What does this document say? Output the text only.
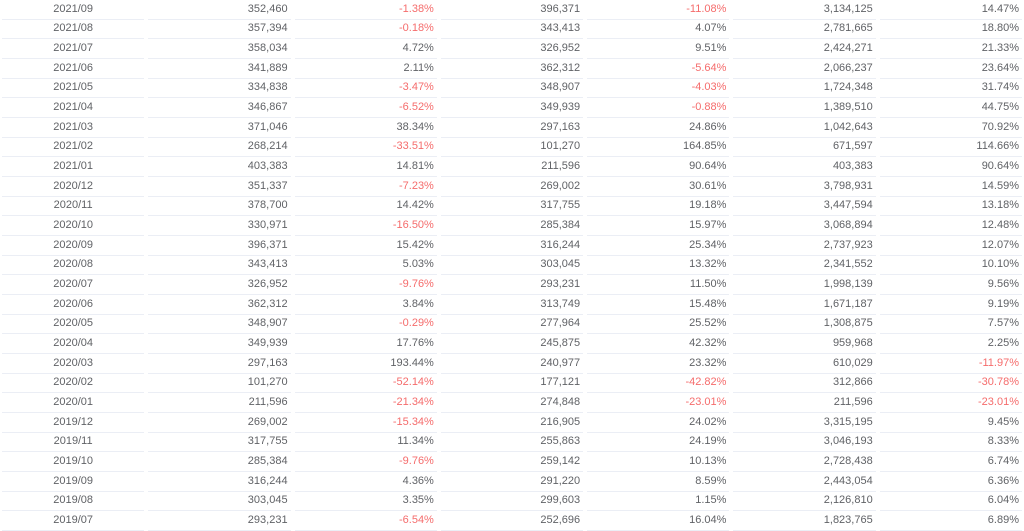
2021/09	352,460	-1.38%	396,371	-11.08%	3,134,125	14.47%
2021/08	357,394	-0.18%	343,413	4.07%	2,781,665	18.80%
2021/07	358,034	4.72%	326,952	9.51%	2,424,271	21.33%
2021/06	341,889	2.11%	362,312	-5.64%	2,066,237	23.64%
2021/05	334,838	-3.47%	348,907	-4.03%	1,724,348	31.74%
2021/04	346,867	-6.52%	349,939	-0.88%	1,389,510	44.75%
2021/03	371,046	38.34%	297,163	24.86%	1,042,643	70.92%
2021/02	268,214	-33.51%	101,270	164.85%	671,597	114.66%
2021/01	403,383	14.81%	211,596	90.64%	403,383	90.64%
2020/12	351,337	-7.23%	269,002	30.61%	3,798,931	14.59%
2020/11	378,700	14.42%	317,755	19.18%	3,447,594	13.18%
2020/10	330,971	-16.50%	285,384	15.97%	3,068,894	12.48%
2020/09	396,371	15.42%	316,244	25.34%	2,737,923	12.07%
2020/08	343,413	5.03%	303,045	13.32%	2,341,552	10.10%
2020/07	326,952	-9.76%	293,231	11.50%	1,998,139	9.56%
2020/06	362,312	3.84%	313,749	15.48%	1,671,187	9.19%
2020/05	348,907	-0.29%	277,964	25.52%	1,308,875	7.57%
2020/04	349,939	17.76%	245,875	42.32%	959,968	2.25%
2020/03	297,163	193.44%	240,977	23.32%	610,029	-11.97%
2020/02	101,270	-52.14%	177,121	-42.82%	312,866	-30.78%
2020/01	211,596	-21.34%	274,848	-23.01%	211,596	-23.01%
2019/12	269,002	-15.34%	216,905	24.02%	3,315,195	9.45%
2019/11	317,755	11.34%	255,863	24.19%	3,046,193	8.33%
2019/10	285,384	-9.76%	259,142	10.13%	2,728,438	6.74%
2019/09	316,244	4.36%	291,220	8.59%	2,443,054	6.36%
2019/08	303,045	3.35%	299,603	1.15%	2,126,810	6.04%
2019/07	293,231	-6.54%	252,696	16.04%	1,823,765	6.89%
